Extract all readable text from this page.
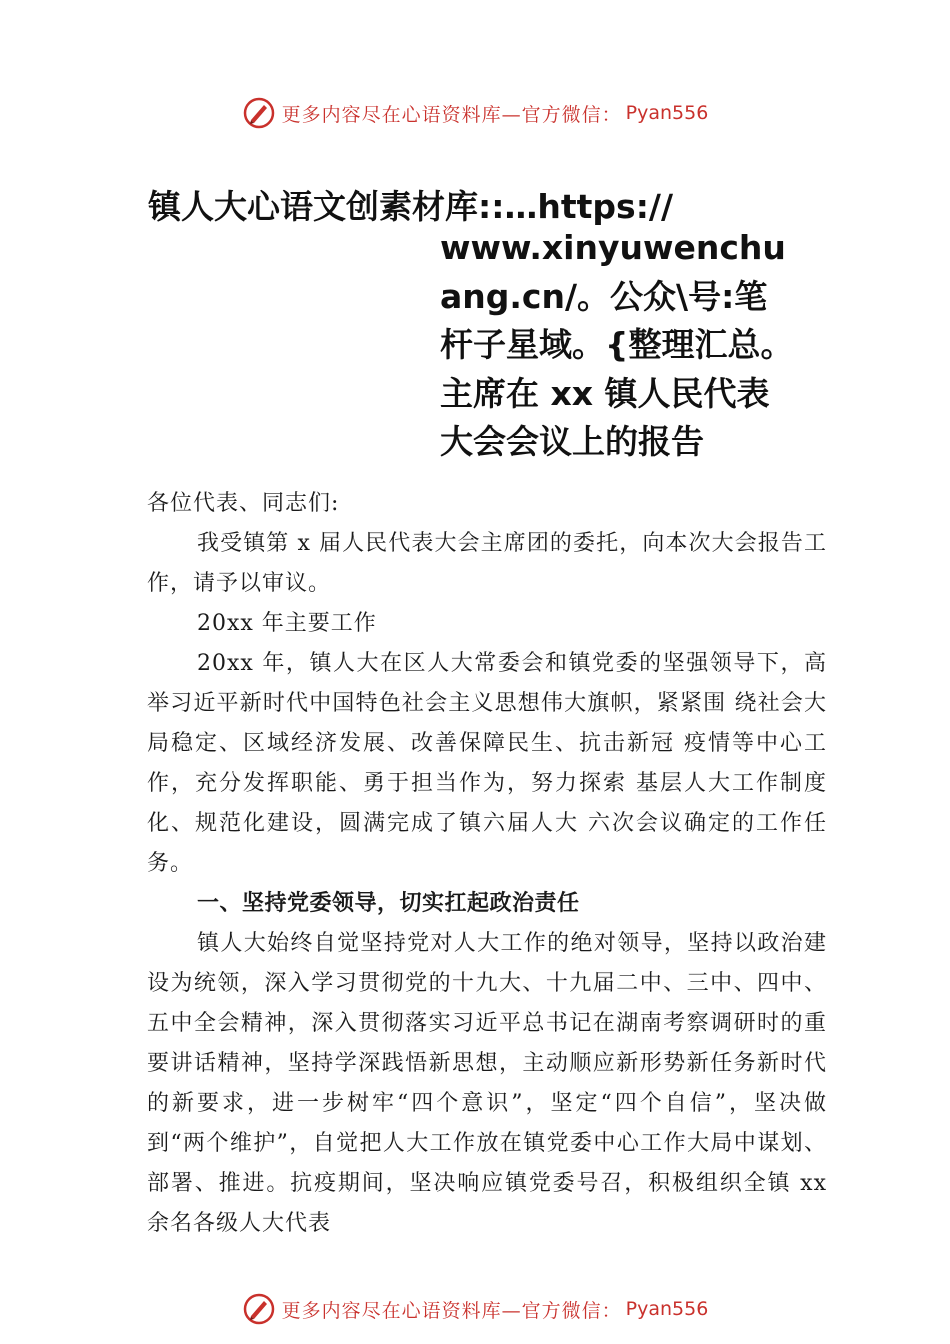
更多内容尽在心语资料库—官方微信： Pyan556
镇人大心语文创素材库::…https://
www.xinyuwenchuang.cn/。公众\号:笔杆子星域。{整理汇总。主席在 xx 镇人民代表大会会议上的报告

各位代表、同志们:

我受镇第 x 届人民代表大会主席团的委托，向本次大会报告工作，请予以审议。

20xx 年主要工作

20xx 年，镇人大在区人大常委会和镇党委的坚强领导下，高举习近平新时代中国特色社会主义思想伟大旗帜，紧紧围 绕社会大局稳定、区域经济发展、改善保障民生、抗击新冠 疫情等中心工作，充分发挥职能、勇于担当作为，努力探索 基层人大工作制度化、规范化建设，圆满完成了镇六届人大 六次会议确定的工作任务。

一、坚持党委领导，切实扛起政治责任

镇人大始终自觉坚持党对人大工作的绝对领导，坚持以政治建设为统领，深入学习贯彻党的十九大、十九届二中、三中、四中、五中全会精神，深入贯彻落实习近平总书记在湖南考察调研时的重要讲话精神，坚持学深践悟新思想，主动顺应新形势新任务新时代的新要求，进一步树牢“四个意识”，坚定“四个自信”，坚决做到“两个维护”，自觉把人大工作放在镇党委中心工作大局中谋划、部署、推进。抗疫期间，坚决响应镇党委号召，积极组织全镇 xx 余名各级人大代表

更多内容尽在心语资料库—官方微信： Pyan556
